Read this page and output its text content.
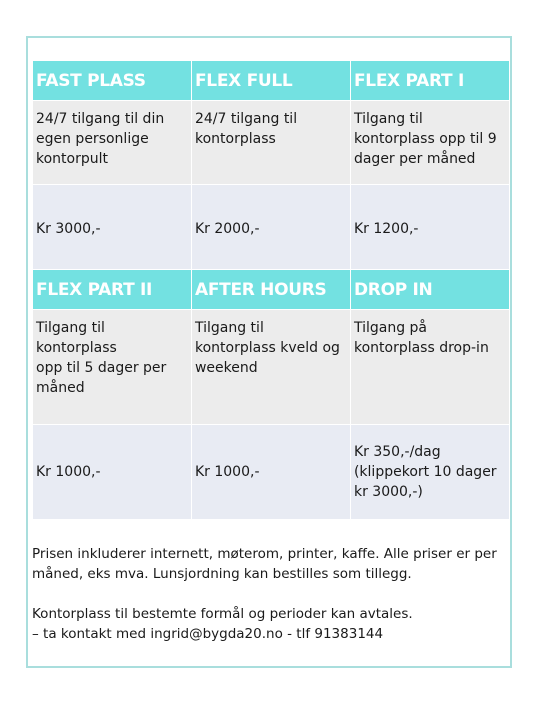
FAST PLASS	FLEX FULL	FLEX PART I
24/7 tilgang til din egen personlige kontorpult	24/7 tilgang til kontorplass	Tilgang til kontorplass opp til 9 dager per måned
Kr 3000,-	Kr 2000,-	Kr 1200,-
FLEX PART II	AFTER HOURS	DROP IN
Tilgang til
kontorplass
opp til 5 dager per måned	Tilgang til kontorplass kveld og weekend	Tilgang på kontorplass drop-in
Kr 1000,-	Kr 1000,-	Kr 350,-/dag (klippekort 10 dager kr 3000,-)

Prisen inkluderer internett, møterom, printer, kaffe. Alle priser er per måned, eks mva. Lunsjordning kan bestilles som tillegg.

Kontorplass til bestemte formål og perioder kan avtales.

– ta kontakt med ingrid@bygda20.no - tlf 91383144
